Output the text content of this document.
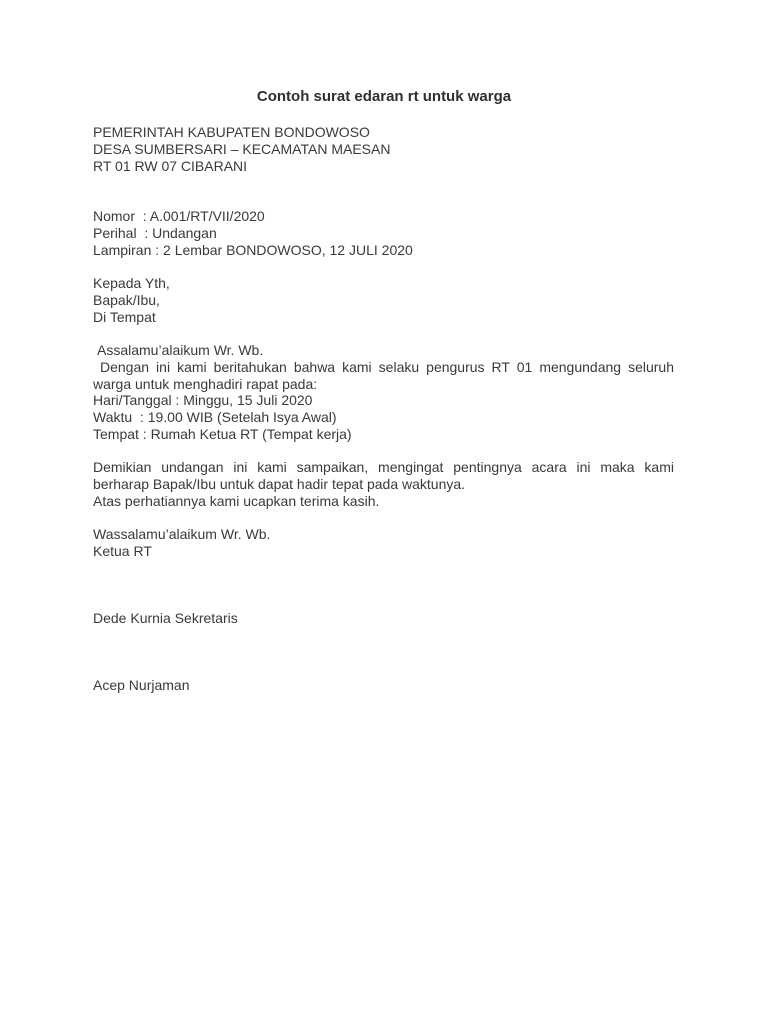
Contoh surat edaran rt untuk warga
PEMERINTAH KABUPATEN BONDOWOSO
DESA SUMBERSARI – KECAMATAN MAESAN
RT 01 RW 07 CIBARANI
Nomor  : A.001/RT/VII/2020
Perihal  : Undangan
Lampiran : 2 Lembar BONDOWOSO, 12 JULI 2020
Kepada Yth,
Bapak/Ibu,
Di Tempat
Assalamu’alaikum Wr. Wb.
Dengan ini kami beritahukan bahwa kami selaku pengurus RT 01 mengundang seluruh warga untuk menghadiri rapat pada:
Hari/Tanggal : Minggu, 15 Juli 2020
Waktu  : 19.00 WIB (Setelah Isya Awal)
Tempat : Rumah Ketua RT (Tempat kerja)
Demikian undangan ini kami sampaikan, mengingat pentingnya acara ini maka kami berharap Bapak/Ibu untuk dapat hadir tepat pada waktunya.
Atas perhatiannya kami ucapkan terima kasih.
Wassalamu’alaikum Wr. Wb.
Ketua RT
Dede Kurnia Sekretaris
Acep Nurjaman
